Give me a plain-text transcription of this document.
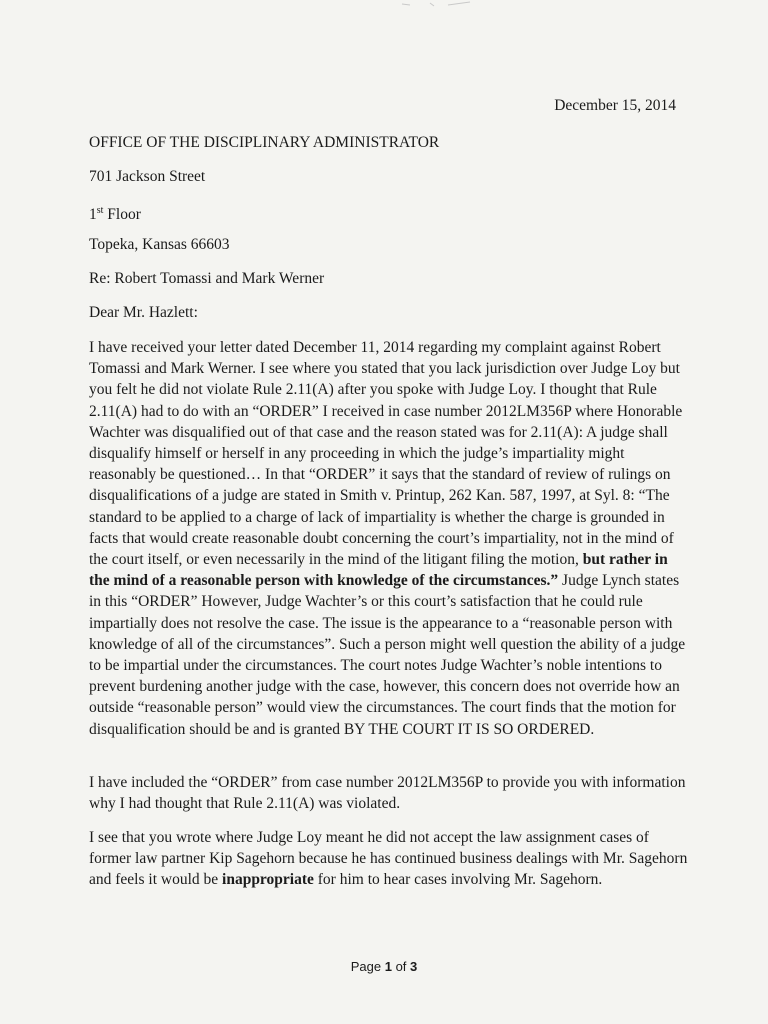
December 15, 2014
OFFICE OF THE DISCIPLINARY ADMINISTRATOR
701 Jackson Street
1st Floor
Topeka, Kansas 66603
Re: Robert Tomassi and Mark Werner
Dear Mr. Hazlett:
I have received your letter dated December 11, 2014 regarding my complaint against Robert Tomassi and Mark Werner. I see where you stated that you lack jurisdiction over Judge Loy but you felt he did not violate Rule 2.11(A) after you spoke with Judge Loy. I thought that Rule 2.11(A) had to do with an “ORDER” I received in case number 2012LM356P where Honorable Wachter was disqualified out of that case and the reason stated was for 2.11(A): A judge shall disqualify himself or herself in any proceeding in which the judge’s impartiality might reasonably be questioned… In that “ORDER” it says that the standard of review of rulings on disqualifications of a judge are stated in Smith v. Printup, 262 Kan. 587, 1997, at Syl. 8: “The standard to be applied to a charge of lack of impartiality is whether the charge is grounded in facts that would create reasonable doubt concerning the court’s impartiality, not in the mind of the court itself, or even necessarily in the mind of the litigant filing the motion, but rather in the mind of a reasonable person with knowledge of the circumstances.” Judge Lynch states in this “ORDER” However, Judge Wachter’s or this court’s satisfaction that he could rule impartially does not resolve the case. The issue is the appearance to a “reasonable person with knowledge of all of the circumstances”. Such a person might well question the ability of a judge to be impartial under the circumstances. The court notes Judge Wachter’s noble intentions to prevent burdening another judge with the case, however, this concern does not override how an outside “reasonable person” would view the circumstances. The court finds that the motion for disqualification should be and is granted BY THE COURT IT IS SO ORDERED.
I have included the “ORDER” from case number 2012LM356P to provide you with information why I had thought that Rule 2.11(A) was violated.
I see that you wrote where Judge Loy meant he did not accept the law assignment cases of former law partner Kip Sagehorn because he has continued business dealings with Mr. Sagehorn and feels it would be inappropriate for him to hear cases involving Mr. Sagehorn.
Page 1 of 3
